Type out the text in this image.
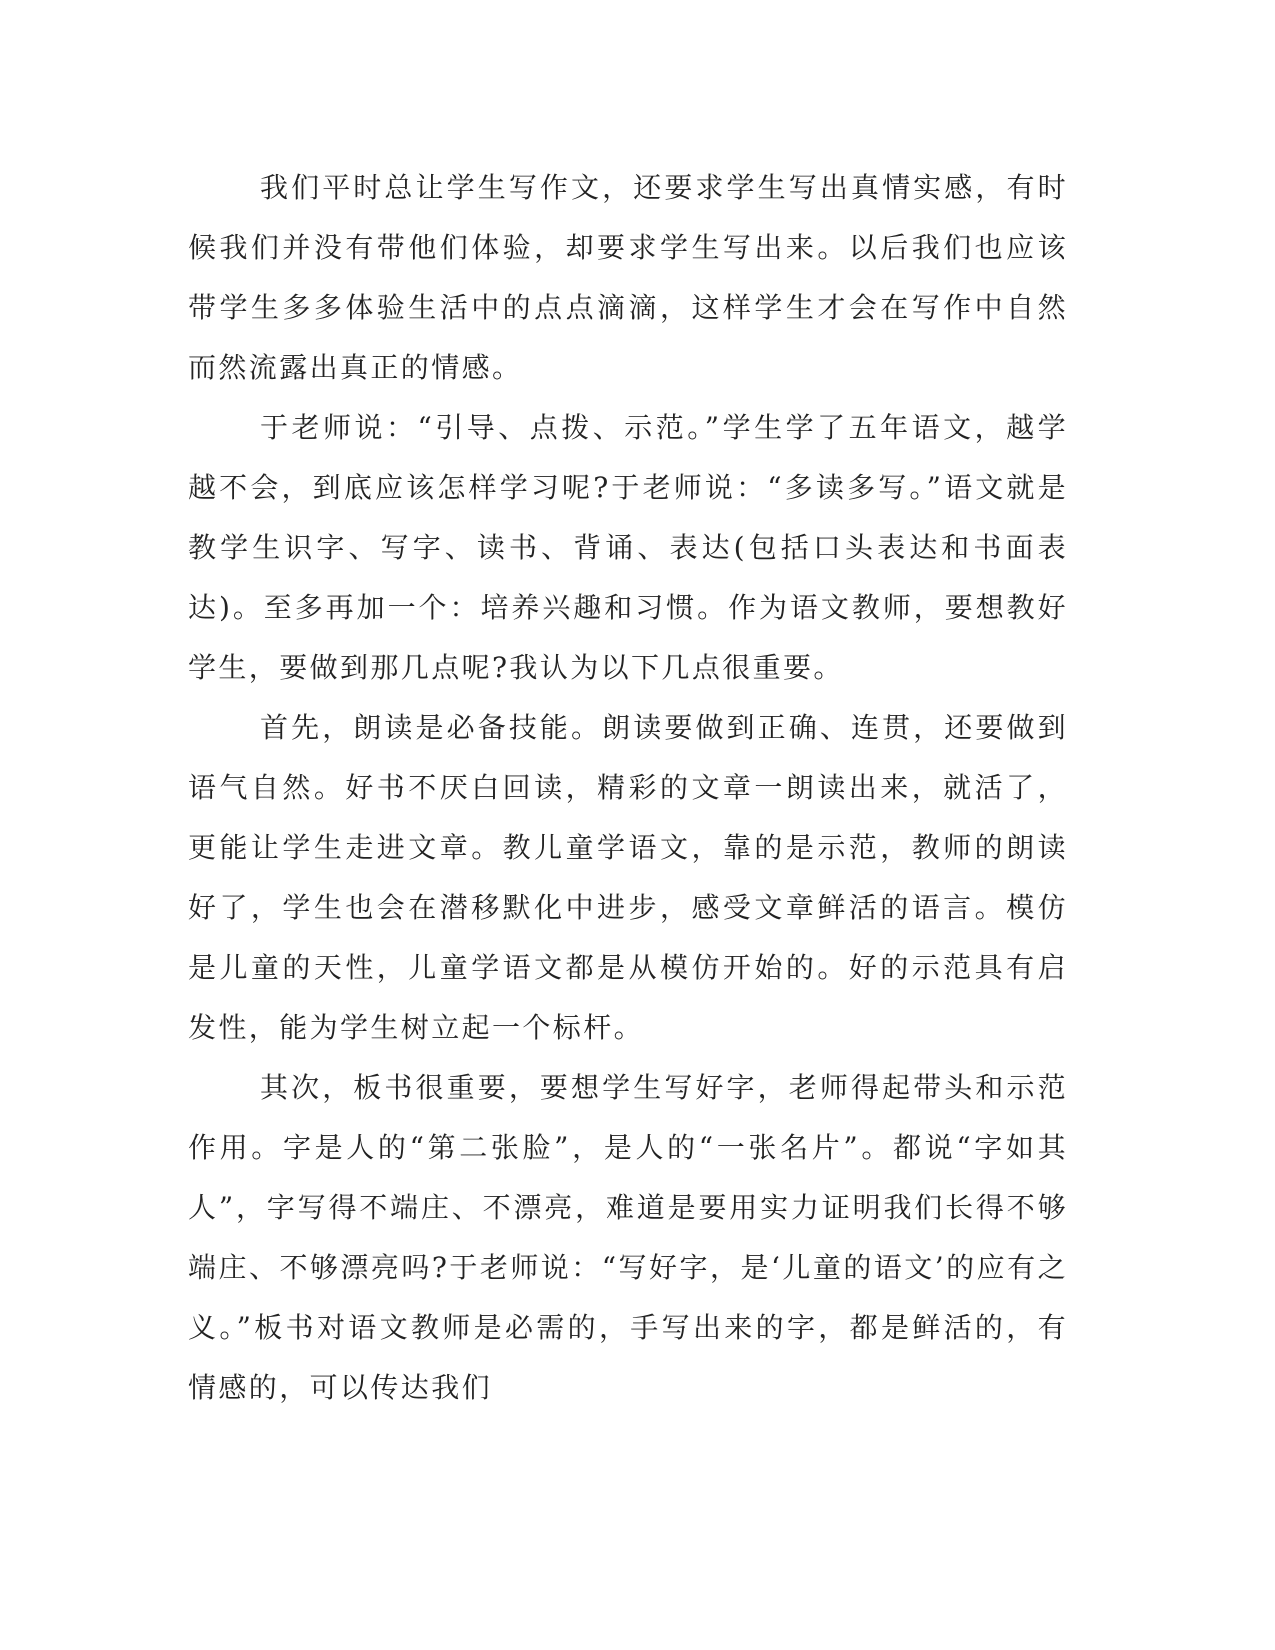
我们平时总让学生写作文，还要求学生写出真情实感，有时候我们并没有带他们体验，却要求学生写出来。以后我们也应该带学生多多体验生活中的点点滴滴，这样学生才会在写作中自然而然流露出真正的情感。

于老师说：“引导、点拨、示范。”学生学了五年语文，越学越不会，到底应该怎样学习呢?于老师说：“多读多写。”语文就是教学生识字、写字、读书、背诵、表达(包括口头表达和书面表达)。至多再加一个：培养兴趣和习惯。作为语文教师，要想教好学生，要做到那几点呢?我认为以下几点很重要。

首先，朗读是必备技能。朗读要做到正确、连贯，还要做到语气自然。好书不厌白回读，精彩的文章一朗读出来，就活了，更能让学生走进文章。教儿童学语文，靠的是示范，教师的朗读好了，学生也会在潜移默化中进步，感受文章鲜活的语言。模仿是儿童的天性，儿童学语文都是从模仿开始的。好的示范具有启发性，能为学生树立起一个标杆。

其次，板书很重要，要想学生写好字，老师得起带头和示范作用。字是人的“第二张脸”，是人的“一张名片”。都说“字如其人”，字写得不端庄、不漂亮，难道是要用实力证明我们长得不够端庄、不够漂亮吗?于老师说：“写好字，是‘儿童的语文’的应有之义。”板书对语文教师是必需的，手写出来的字，都是鲜活的，有情感的，可以传达我们
